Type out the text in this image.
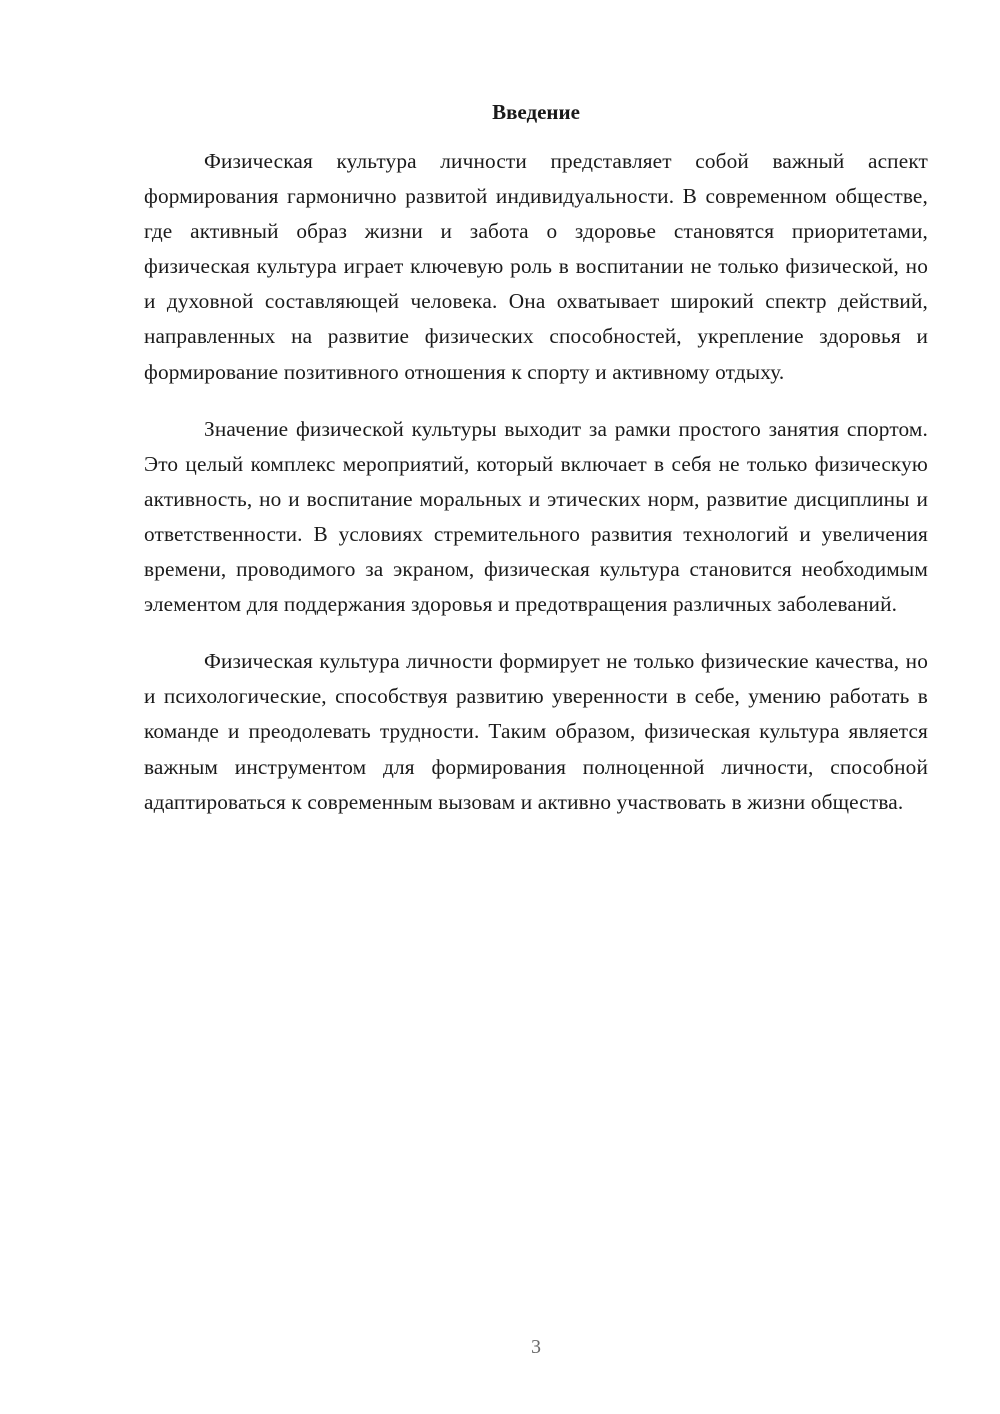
Введение

Физическая культура личности представляет собой важный аспект формирования гармонично развитой индивидуальности. В современном обществе, где активный образ жизни и забота о здоровье становятся приоритетами, физическая культура играет ключевую роль в воспитании не только физической, но и духовной составляющей человека. Она охватывает широкий спектр действий, направленных на развитие физических способностей, укрепление здоровья и формирование позитивного отношения к спорту и активному отдыху.

Значение физической культуры выходит за рамки простого занятия спортом. Это целый комплекс мероприятий, который включает в себя не только физическую активность, но и воспитание моральных и этических норм, развитие дисциплины и ответственности. В условиях стремительного развития технологий и увеличения времени, проводимого за экраном, физическая культура становится необходимым элементом для поддержания здоровья и предотвращения различных заболеваний.

Физическая культура личности формирует не только физические качества, но и психологические, способствуя развитию уверенности в себе, умению работать в команде и преодолевать трудности. Таким образом, физическая культура является важным инструментом для формирования полноценной личности, способной адаптироваться к современным вызовам и активно участвовать в жизни общества.

3
